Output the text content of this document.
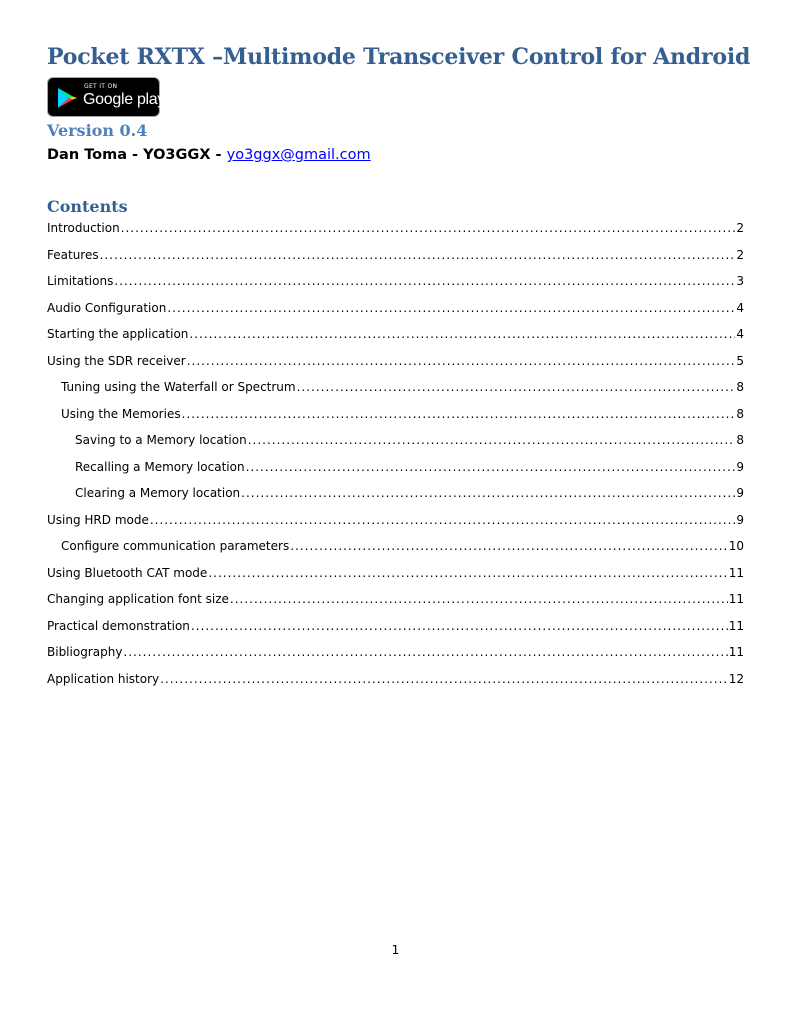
Pocket RXTX –Multimode Transceiver Control for Android
GET IT ON
Google play
Version 0.4
Dan Toma - YO3GGX - yo3ggx@gmail.com
Contents
Introduction .....	2
Features .....	2
Limitations .....	3
Audio Configuration .....	4
Starting the application .....	4
Using the SDR receiver .....	5
Tuning using the Waterfall or Spectrum .....	8
Using the Memories .....	8
Saving to a Memory location .....	8
Recalling a Memory location .....	9
Clearing a Memory location .....	9
Using HRD mode .....	9
Configure communication parameters .....	10
Using Bluetooth CAT mode .....	11
Changing application font size .....	11
Practical demonstration .....	11
Bibliography .....	11
Application history .....	12
1
